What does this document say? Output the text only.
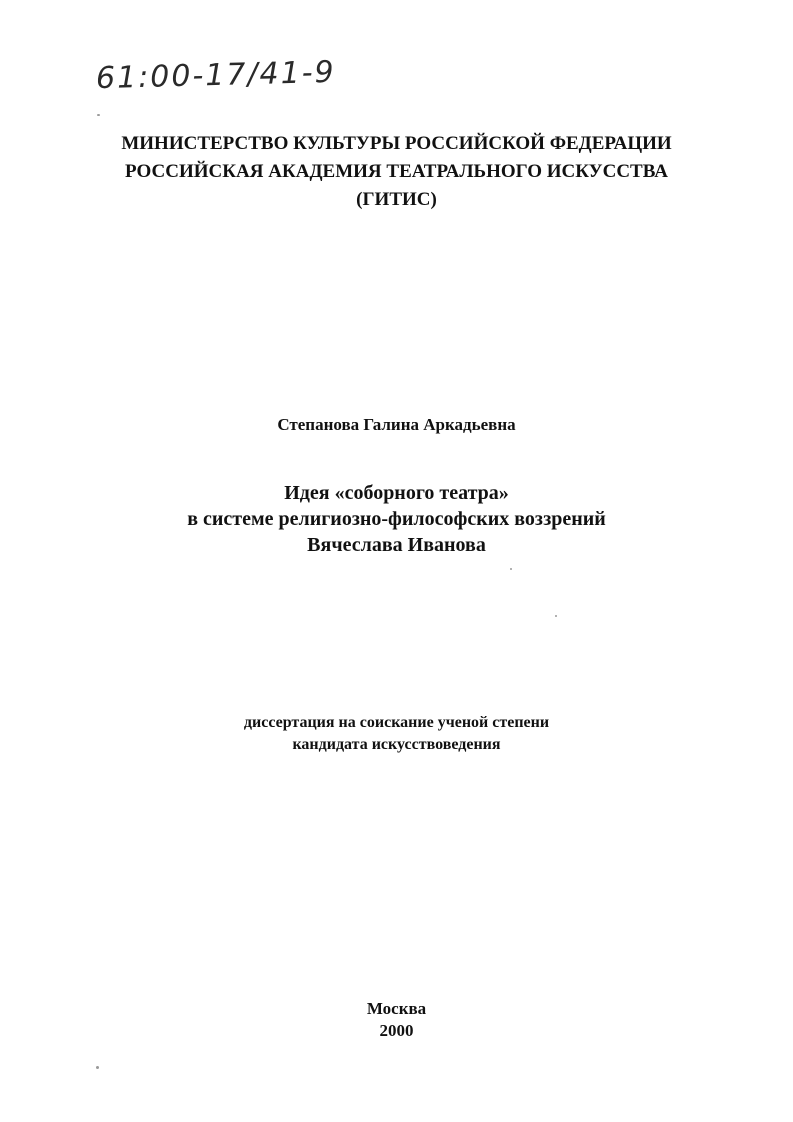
61:00-17/41-9
МИНИСТЕРСТВО КУЛЬТУРЫ РОССИЙСКОЙ ФЕДЕРАЦИИ
РОССИЙСКАЯ АКАДЕМИЯ ТЕАТРАЛЬНОГО ИСКУССТВА
(ГИТИС)
Степанова Галина Аркадьевна
Идея «соборного театра»
в системе религиозно-философских воззрений
Вячеслава Иванова
диссертация на соискание ученой степени
кандидата искусствоведения
Москва
2000
